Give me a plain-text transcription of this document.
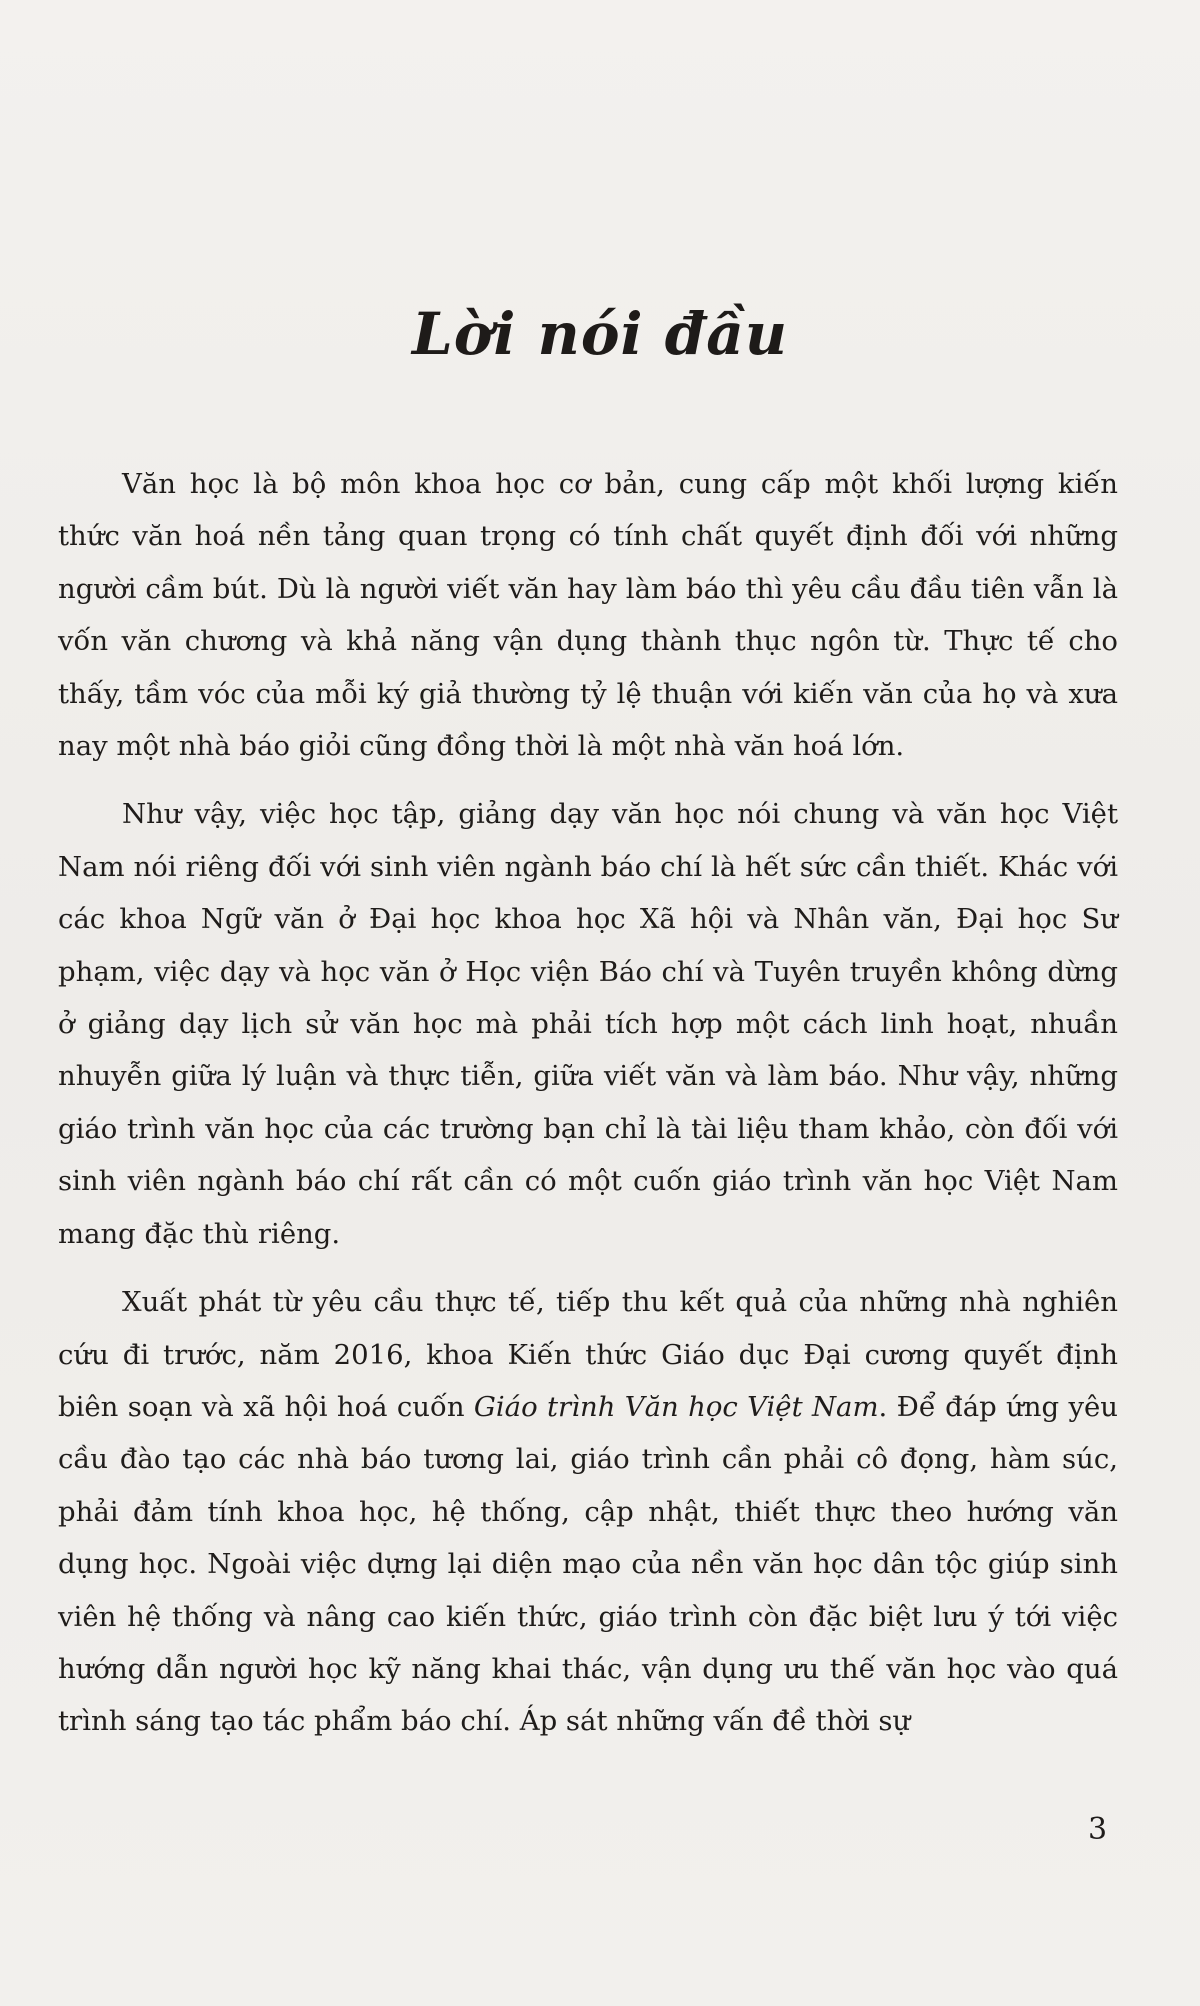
Lời nói đầu

Văn học là bộ môn khoa học cơ bản, cung cấp một khối lượng kiến thức văn hoá nền tảng quan trọng có tính chất quyết định đối với những người cầm bút. Dù là người viết văn hay làm báo thì yêu cầu đầu tiên vẫn là vốn văn chương và khả năng vận dụng thành thục ngôn từ. Thực tế cho thấy, tầm vóc của mỗi ký giả thường tỷ lệ thuận với kiến văn của họ và xưa nay một nhà báo giỏi cũng đồng thời là một nhà văn hoá lớn.

Như vậy, việc học tập, giảng dạy văn học nói chung và văn học Việt Nam nói riêng đối với sinh viên ngành báo chí là hết sức cần thiết. Khác với các khoa Ngữ văn ở Đại học khoa học Xã hội và Nhân văn, Đại học Sư phạm, việc dạy và học văn ở Học viện Báo chí và Tuyên truyền không dừng ở giảng dạy lịch sử văn học mà phải tích hợp một cách linh hoạt, nhuần nhuyễn giữa lý luận và thực tiễn, giữa viết văn và làm báo. Như vậy, những giáo trình văn học của các trường bạn chỉ là tài liệu tham khảo, còn đối với sinh viên ngành báo chí rất cần có một cuốn giáo trình văn học Việt Nam mang đặc thù riêng.

Xuất phát từ yêu cầu thực tế, tiếp thu kết quả của những nhà nghiên cứu đi trước, năm 2016, khoa Kiến thức Giáo dục Đại cương quyết định biên soạn và xã hội hoá cuốn Giáo trình Văn học Việt Nam. Để đáp ứng yêu cầu đào tạo các nhà báo tương lai, giáo trình cần phải cô đọng, hàm súc, phải đảm tính khoa học, hệ thống, cập nhật, thiết thực theo hướng văn dụng học. Ngoài việc dựng lại diện mạo của nền văn học dân tộc giúp sinh viên hệ thống và nâng cao kiến thức, giáo trình còn đặc biệt lưu ý tới việc hướng dẫn người học kỹ năng khai thác, vận dụng ưu thế văn học vào quá trình sáng tạo tác phẩm báo chí. Áp sát những vấn đề thời sự

3
